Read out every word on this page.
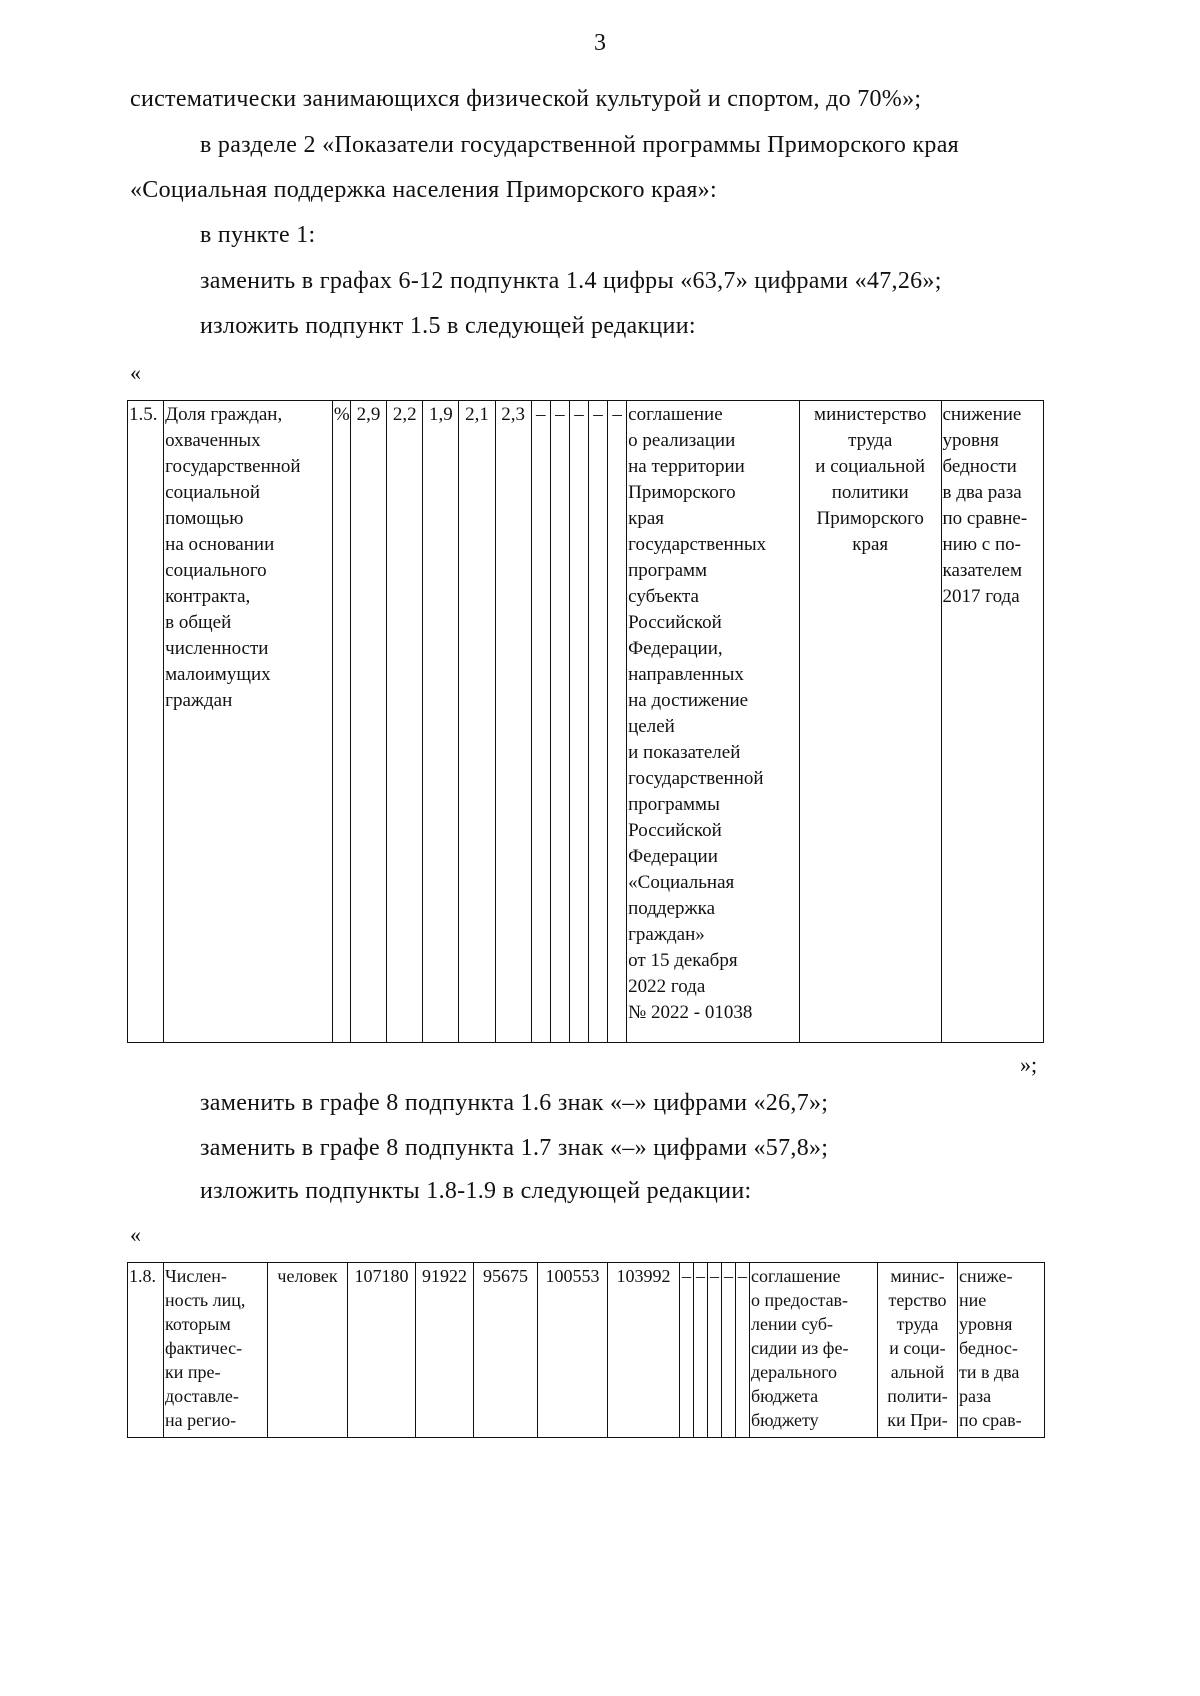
3
систематически занимающихся физической культурой и спортом, до 70%»;
в разделе 2 «Показатели государственной программы Приморского края
«Социальная поддержка населения Приморского края»:
в пункте 1:
заменить в графах 6-12 подпункта 1.4 цифры «63,7» цифрами «47,26»;
изложить подпункт 1.5 в следующей редакции:
«
1.5.	Доля граждан,
охваченных
государственной
социальной
помощью
на основании
социального
контракта,
в общей
численности
малоимущих
граждан	%	2,9	2,2	1,9	2,1	2,3	–	–	–	–	–	соглашение
о реализации
на территории
Приморского
края
государственных
программ
субъекта
Российской
Федерации,
направленных
на достижение
целей
и показателей
государственной
программы
Российской
Федерации
«Социальная
поддержка
граждан»
от 15 декабря
2022 года
№ 2022 - 01038	министерство
труда
и социальной
политики
Приморского
края	снижение
уровня
бедности
в два раза
по сравне-
нию с по-
казателем
2017 года
»;
заменить в графе 8 подпункта 1.6 знак «–» цифрами «26,7»;
заменить в графе 8 подпункта 1.7 знак «–» цифрами «57,8»;
изложить подпункты 1.8-1.9 в следующей редакции:
«
1.8.	Числен-
ность лиц,
которым
фактичес-
ки пре-
доставле-
на регио-	человек	107180	91922	95675	100553	103992	–	–	–	–	–	соглашение
о предостав-
лении суб-
сидии из фе-
дерального
бюджета
бюджету	минис-
терство
труда
и соци-
альной
полити-
ки При-	сниже-
ние
уровня
беднос-
ти в два
раза
по срав-
